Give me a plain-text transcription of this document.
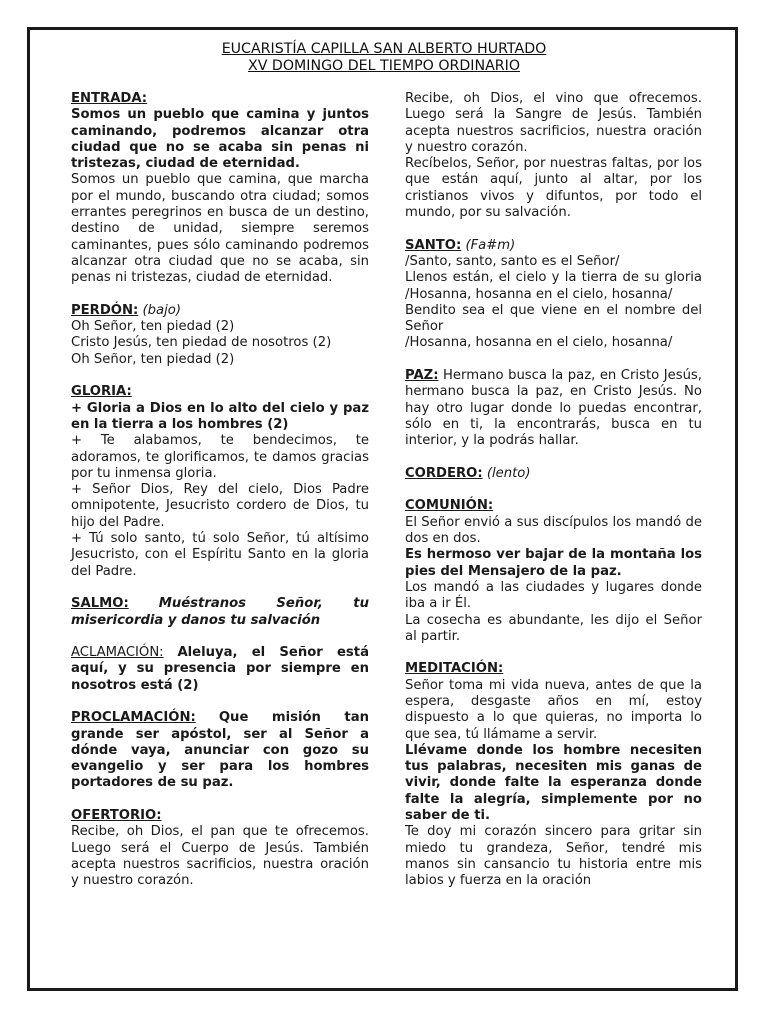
EUCARISTÍA CAPILLA SAN ALBERTO HURTADO
XV DOMINGO DEL TIEMPO ORDINARIO

ENTRADA:

Somos un pueblo que camina y juntos caminando, podremos alcanzar otra ciudad que no se acaba sin penas ni tristezas, ciudad de eternidad.

Somos un pueblo que camina, que marcha por el mundo, buscando otra ciudad; somos errantes peregrinos en busca de un destino, destino de unidad, siempre seremos caminantes, pues sólo caminando podremos alcanzar otra ciudad que no se acaba, sin penas ni tristezas, ciudad de eternidad.

PERDÓN: (bajo)

Oh Señor, ten piedad (2)

Cristo Jesús, ten piedad de nosotros (2)

Oh Señor, ten piedad (2)

GLORIA:

+ Gloria a Dios en lo alto del cielo y paz en la tierra a los hombres (2)

+ Te alabamos, te bendecimos, te adoramos, te glorificamos, te damos gracias por tu inmensa gloria.

+ Señor Dios, Rey del cielo, Dios Padre omnipotente, Jesucristo cordero de Dios, tu hijo del Padre.

+ Tú solo santo, tú solo Señor, tú altísimo Jesucristo, con el Espíritu Santo en la gloria del Padre.

SALMO: Muéstranos Señor, tu misericordia y danos tu salvación

ACLAMACIÓN: Aleluya, el Señor está aquí, y su presencia por siempre en nosotros está (2)

PROCLAMACIÓN: Que misión tan grande ser apóstol, ser al Señor a dónde vaya, anunciar con gozo su evangelio y ser para los hombres portadores de su paz.

OFERTORIO:

Recibe, oh Dios, el pan que te ofrecemos. Luego será el Cuerpo de Jesús. También acepta nuestros sacrificios, nuestra oración y nuestro corazón.

Recibe, oh Dios, el vino que ofrecemos. Luego será la Sangre de Jesús. También acepta nuestros sacrificios, nuestra oración y nuestro corazón.

Recíbelos, Señor, por nuestras faltas, por los que están aquí, junto al altar, por los cristianos vivos y difuntos, por todo el mundo, por su salvación.

SANTO: (Fa#m)

/Santo, santo, santo es el Señor/

Llenos están, el cielo y la tierra de su gloria /Hosanna, hosanna en el cielo, hosanna/

Bendito sea el que viene en el nombre del Señor

/Hosanna, hosanna en el cielo, hosanna/

PAZ: Hermano busca la paz, en Cristo Jesús, hermano busca la paz, en Cristo Jesús. No hay otro lugar donde lo puedas encontrar, sólo en ti, la encontrarás, busca en tu interior, y la podrás hallar.

CORDERO: (lento)

COMUNIÓN:

El Señor envió a sus discípulos los mandó de dos en dos.

Es hermoso ver bajar de la montaña los pies del Mensajero de la paz.

Los mandó a las ciudades y lugares donde iba a ir Él.

La cosecha es abundante, les dijo el Señor al partir.

MEDITACIÓN:

Señor toma mi vida nueva, antes de que la espera, desgaste años en mí, estoy dispuesto a lo que quieras, no importa lo que sea, tú llámame a servir.

Llévame donde los hombre necesiten tus palabras, necesiten mis ganas de vivir, donde falte la esperanza donde falte la alegría, simplemente por no saber de ti.

Te doy mi corazón sincero para gritar sin miedo tu grandeza, Señor, tendré mis manos sin cansancio tu historia entre mis labios y fuerza en la oración
